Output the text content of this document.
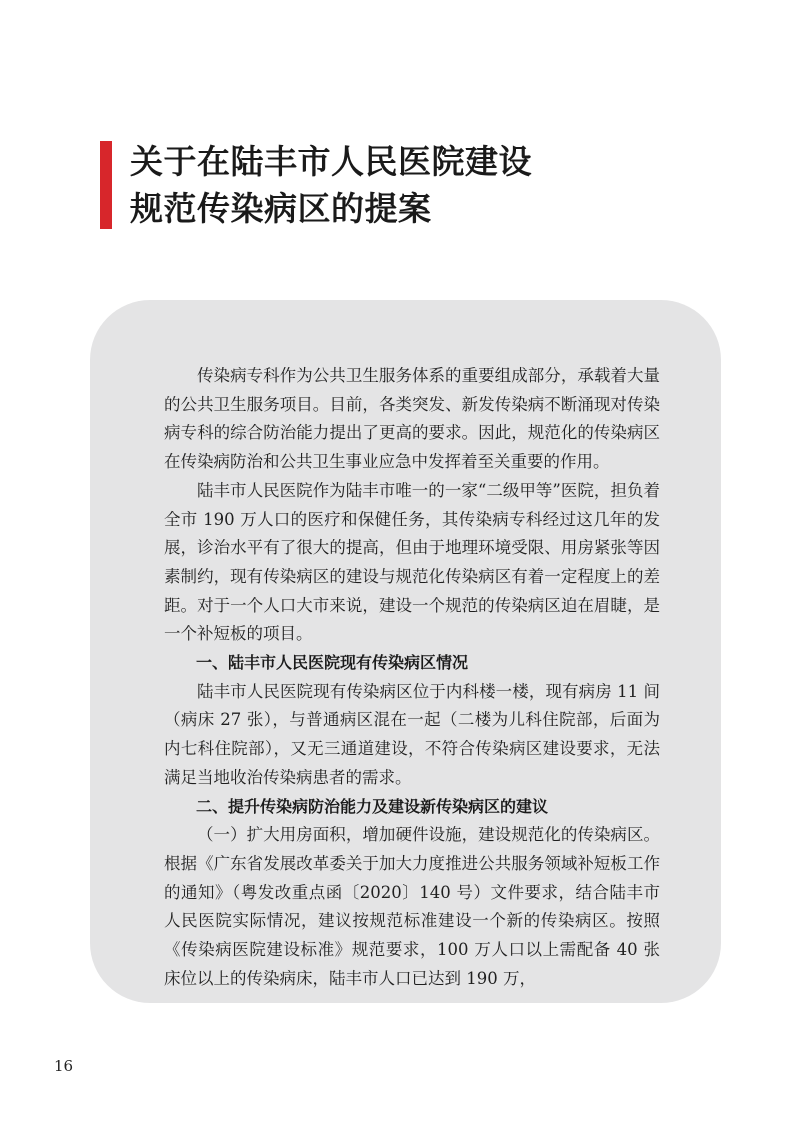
关于在陆丰市人民医院建设
规范传染病区的提案

传染病专科作为公共卫生服务体系的重要组成部分，承载着大量的公共卫生服务项目。目前，各类突发、新发传染病不断涌现对传染病专科的综合防治能力提出了更高的要求。因此，规范化的传染病区在传染病防治和公共卫生事业应急中发挥着至关重要的作用。

陆丰市人民医院作为陆丰市唯一的一家“二级甲等”医院，担负着全市 190 万人口的医疗和保健任务，其传染病专科经过这几年的发展，诊治水平有了很大的提高，但由于地理环境受限、用房紧张等因素制约，现有传染病区的建设与规范化传染病区有着一定程度上的差距。对于一个人口大市来说，建设一个规范的传染病区迫在眉睫，是一个补短板的项目。

一、陆丰市人民医院现有传染病区情况

陆丰市人民医院现有传染病区位于内科楼一楼，现有病房 11 间（病床 27 张），与普通病区混在一起（二楼为儿科住院部，后面为内七科住院部），又无三通道建设，不符合传染病区建设要求，无法满足当地收治传染病患者的需求。

二、提升传染病防治能力及建设新传染病区的建议

（一）扩大用房面积，增加硬件设施，建设规范化的传染病区。根据《广东省发展改革委关于加大力度推进公共服务领域补短板工作的通知》（粤发改重点函〔2020〕140 号）文件要求，结合陆丰市人民医院实际情况，建议按规范标准建设一个新的传染病区。按照《传染病医院建设标准》规范要求，100 万人口以上需配备 40 张床位以上的传染病床，陆丰市人口已达到 190 万，

16
